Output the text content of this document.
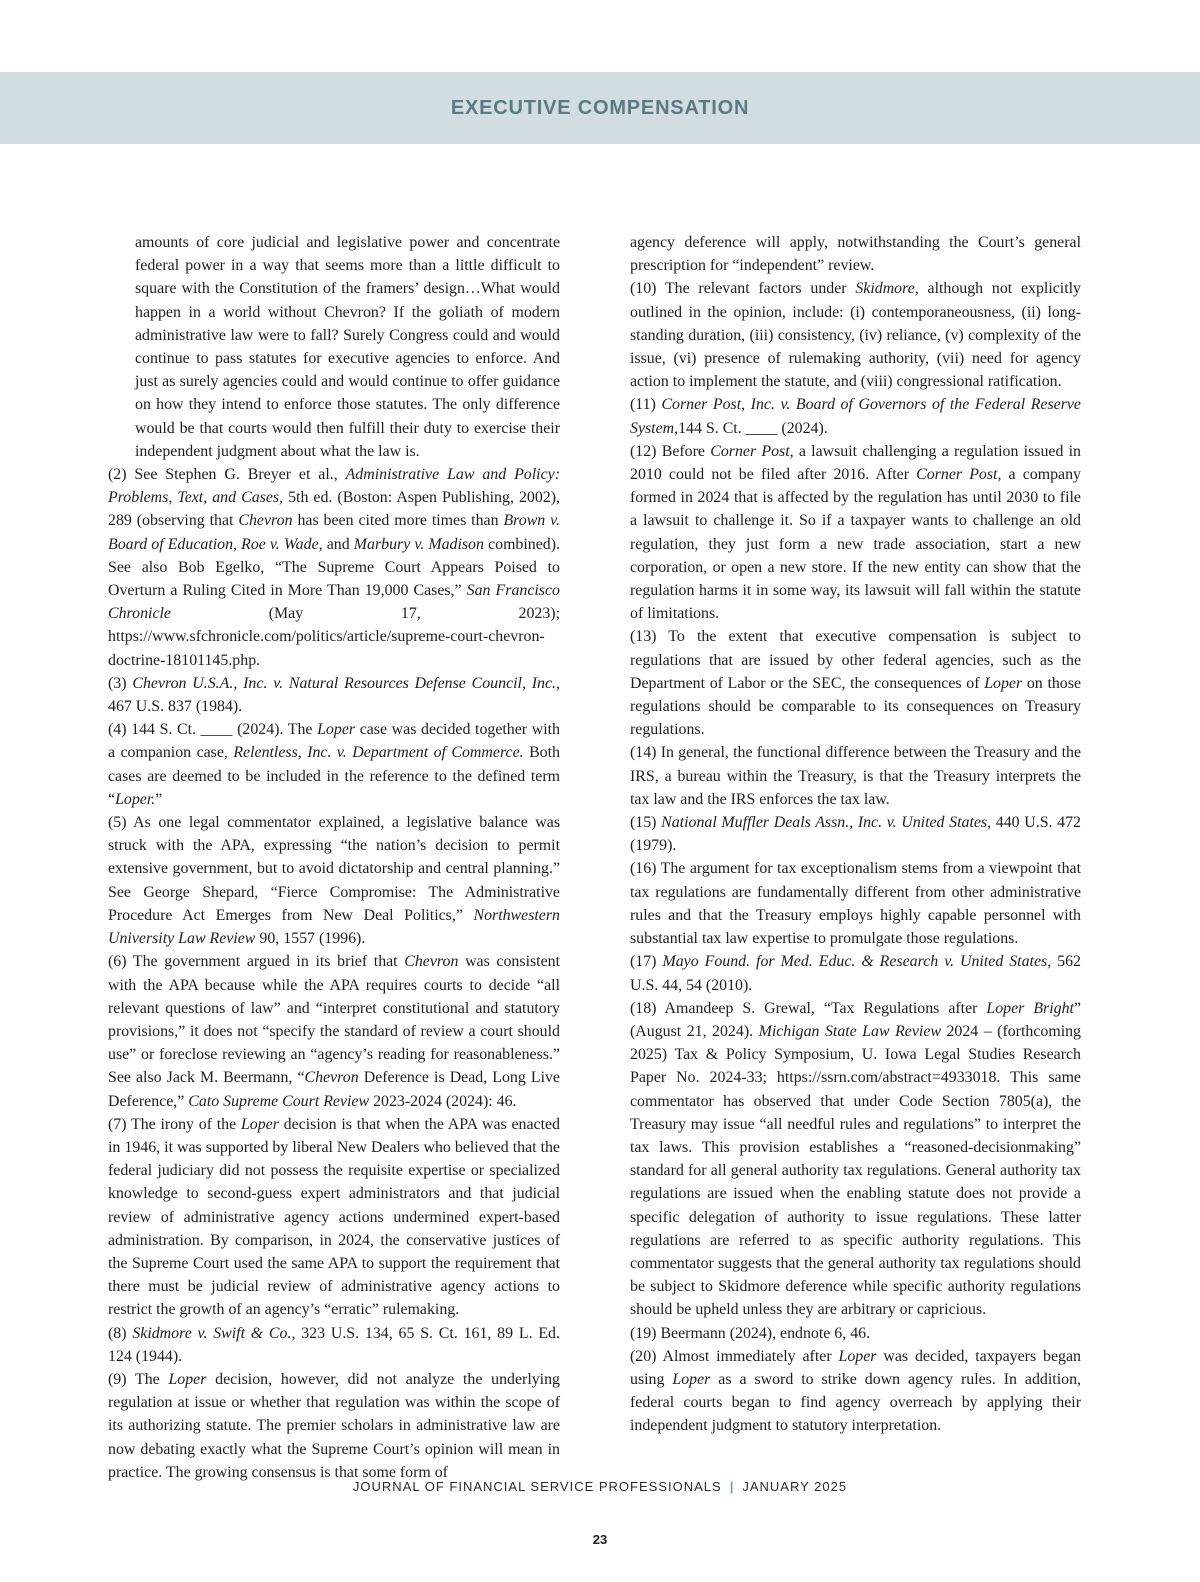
EXECUTIVE COMPENSATION

amounts of core judicial and legislative power and concentrate federal power in a way that seems more than a little difficult to square with the Constitution of the framers’ design…What would happen in a world without Chevron? If the goliath of modern administrative law were to fall? Surely Congress could and would continue to pass statutes for executive agencies to enforce. And just as surely agencies could and would continue to offer guidance on how they intend to enforce those statutes. The only difference would be that courts would then fulfill their duty to exercise their independent judgment about what the law is.

(2) See Stephen G. Breyer et al., Administrative Law and Policy: Problems, Text, and Cases, 5th ed. (Boston: Aspen Publishing, 2002), 289 (observing that Chevron has been cited more times than Brown v. Board of Education, Roe v. Wade, and Marbury v. Madison combined). See also Bob Egelko, “The Supreme Court Appears Poised to Overturn a Ruling Cited in More Than 19,000 Cases,” San Francisco Chronicle (May 17, 2023); https://www.sfchronicle.com/politics/article/supreme-court-chevron-doctrine-18101145.php.

(3) Chevron U.S.A., Inc. v. Natural Resources Defense Council, Inc., 467 U.S. 837 (1984).

(4) 144 S. Ct. ____ (2024). The Loper case was decided together with a companion case, Relentless, Inc. v. Department of Commerce. Both cases are deemed to be included in the reference to the defined term “Loper.”

(5) As one legal commentator explained, a legislative balance was struck with the APA, expressing “the nation’s decision to permit extensive government, but to avoid dictatorship and central planning.” See George Shepard, “Fierce Compromise: The Administrative Procedure Act Emerges from New Deal Politics,” Northwestern University Law Review 90, 1557 (1996).

(6) The government argued in its brief that Chevron was consistent with the APA because while the APA requires courts to decide “all relevant questions of law” and “interpret constitutional and statutory provisions,” it does not “specify the standard of review a court should use” or foreclose reviewing an “agency’s reading for reasonableness.” See also Jack M. Beermann, “Chevron Deference is Dead, Long Live Deference,” Cato Supreme Court Review 2023-2024 (2024): 46.

(7) The irony of the Loper decision is that when the APA was enacted in 1946, it was supported by liberal New Dealers who believed that the federal judiciary did not possess the requisite expertise or specialized knowledge to second-guess expert administrators and that judicial review of administrative agency actions undermined expert-based administration. By comparison, in 2024, the conservative justices of the Supreme Court used the same APA to support the requirement that there must be judicial review of administrative agency actions to restrict the growth of an agency’s “erratic” rulemaking.

(8) Skidmore v. Swift & Co., 323 U.S. 134, 65 S. Ct. 161, 89 L. Ed. 124 (1944).

(9) The Loper decision, however, did not analyze the underlying regulation at issue or whether that regulation was within the scope of its authorizing statute. The premier scholars in administrative law are now debating exactly what the Supreme Court’s opinion will mean in practice. The growing consensus is that some form of

agency deference will apply, notwithstanding the Court’s general prescription for “independent” review.

(10) The relevant factors under Skidmore, although not explicitly outlined in the opinion, include: (i) contemporaneousness, (ii) long-standing duration, (iii) consistency, (iv) reliance, (v) complexity of the issue, (vi) presence of rulemaking authority, (vii) need for agency action to implement the statute, and (viii) congressional ratification.

(11) Corner Post, Inc. v. Board of Governors of the Federal Reserve System,144 S. Ct. ____ (2024).

(12) Before Corner Post, a lawsuit challenging a regulation issued in 2010 could not be filed after 2016. After Corner Post, a company formed in 2024 that is affected by the regulation has until 2030 to file a lawsuit to challenge it. So if a taxpayer wants to challenge an old regulation, they just form a new trade association, start a new corporation, or open a new store. If the new entity can show that the regulation harms it in some way, its lawsuit will fall within the statute of limitations.

(13) To the extent that executive compensation is subject to regulations that are issued by other federal agencies, such as the Department of Labor or the SEC, the consequences of Loper on those regulations should be comparable to its consequences on Treasury regulations.

(14) In general, the functional difference between the Treasury and the IRS, a bureau within the Treasury, is that the Treasury interprets the tax law and the IRS enforces the tax law.

(15) National Muffler Deals Assn., Inc. v. United States, 440 U.S. 472 (1979).

(16) The argument for tax exceptionalism stems from a viewpoint that tax regulations are fundamentally different from other administrative rules and that the Treasury employs highly capable personnel with substantial tax law expertise to promulgate those regulations.

(17) Mayo Found. for Med. Educ. & Research v. United States, 562 U.S. 44, 54 (2010).

(18) Amandeep S. Grewal, “Tax Regulations after Loper Bright” (August 21, 2024). Michigan State Law Review 2024 – (forthcoming 2025) Tax & Policy Symposium, U. Iowa Legal Studies Research Paper No. 2024-33; https://ssrn.com/abstract=4933018. This same commentator has observed that under Code Section 7805(a), the Treasury may issue “all needful rules and regulations” to interpret the tax laws. This provision establishes a “reasoned-decisionmaking” standard for all general authority tax regulations. General authority tax regulations are issued when the enabling statute does not provide a specific delegation of authority to issue regulations. These latter regulations are referred to as specific authority regulations. This commentator suggests that the general authority tax regulations should be subject to Skidmore deference while specific authority regulations should be upheld unless they are arbitrary or capricious.

(19) Beermann (2024), endnote 6, 46.

(20) Almost immediately after Loper was decided, taxpayers began using Loper as a sword to strike down agency rules. In addition, federal courts began to find agency overreach by applying their independent judgment to statutory interpretation.

JOURNAL OF FINANCIAL SERVICE PROFESSIONALS | JANUARY 2025
23
